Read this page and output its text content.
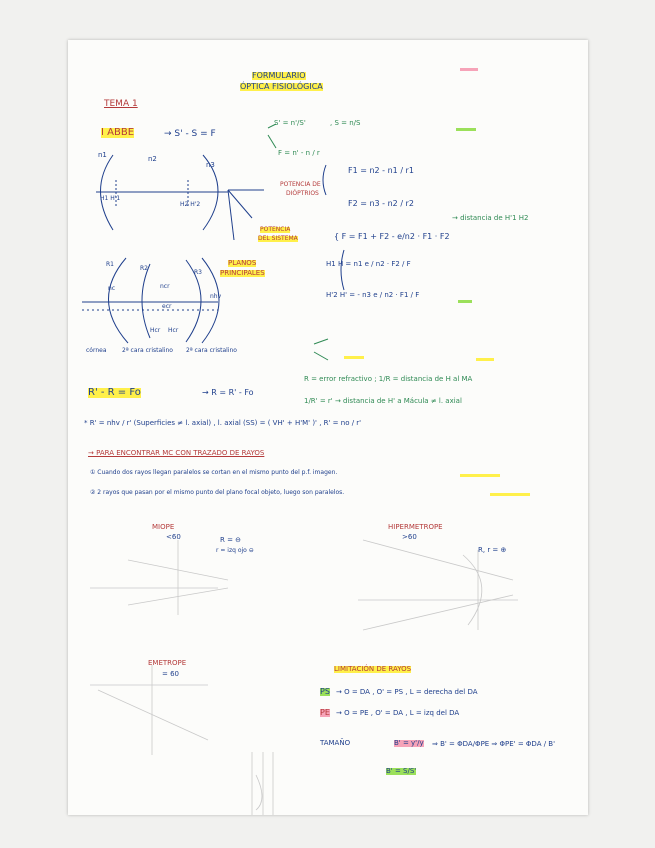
FORMULARIO
ÓPTICA FISIOLÓGICA
TEMA 1
I ABBE	→ S' - S = F
S' = n'/S'	, S = n/S
F = n' - n / r
n1	n2
n3
H1 H'1
H2 H'2
POTENCIA DE
DIÓPTRIOS
F1 = n2 - n1 / r1
F2 = n3 - n2 / r2
POTENCIA
DEL SISTEMA	{ F = F1 + F2 - e/n2 · F1 · F2
→ distancia de H'1 H2
PLANOS
PRINCIPALES
H1 H = n1 e / n2 · F2 / F
H'2 H' = - n3 e / n2 · F1 / F
R1
R2
R3
nc
nhv
ncr
ecr
Hcr Hcr
córnea	2ª cara cristalino 2ª cara cristalino
R' - R = Fo	→ R = R' - Fo
R = error refractivo ; 1/R = distancia de H al MA
1/R' = r' → distancia de H' a Mácula ≠ l. axial
* R' = nhv / r' (Superficies ≠ l. axial) , l. axial (SS) = ( VH' + H'M' )' , R' = no / r'
→ PARA ENCONTRAR MC CON TRAZADO DE RAYOS
① Cuando dos rayos llegan paralelos se cortan en el mismo punto del p.f. imagen.
② 2 rayos que pasan por el mismo punto del plano focal objeto, luego son paralelos.
MIOPE
<60	R = ⊖
r = izq ojo ⊖
HIPERMETROPE
>60
R, r = ⊕
EMETROPE
= 60
LIMITACIÓN DE RAYOS
PS → O = DA , O' = PS , L = derecha del DA
PE → O = PE , O' = DA , L = izq del DA
TAMAÑO	B' = y'/y ⇒ B' = ΦDA/ΦPE ⇒ ΦPE' = ΦDA / B'
B' = S/S'
